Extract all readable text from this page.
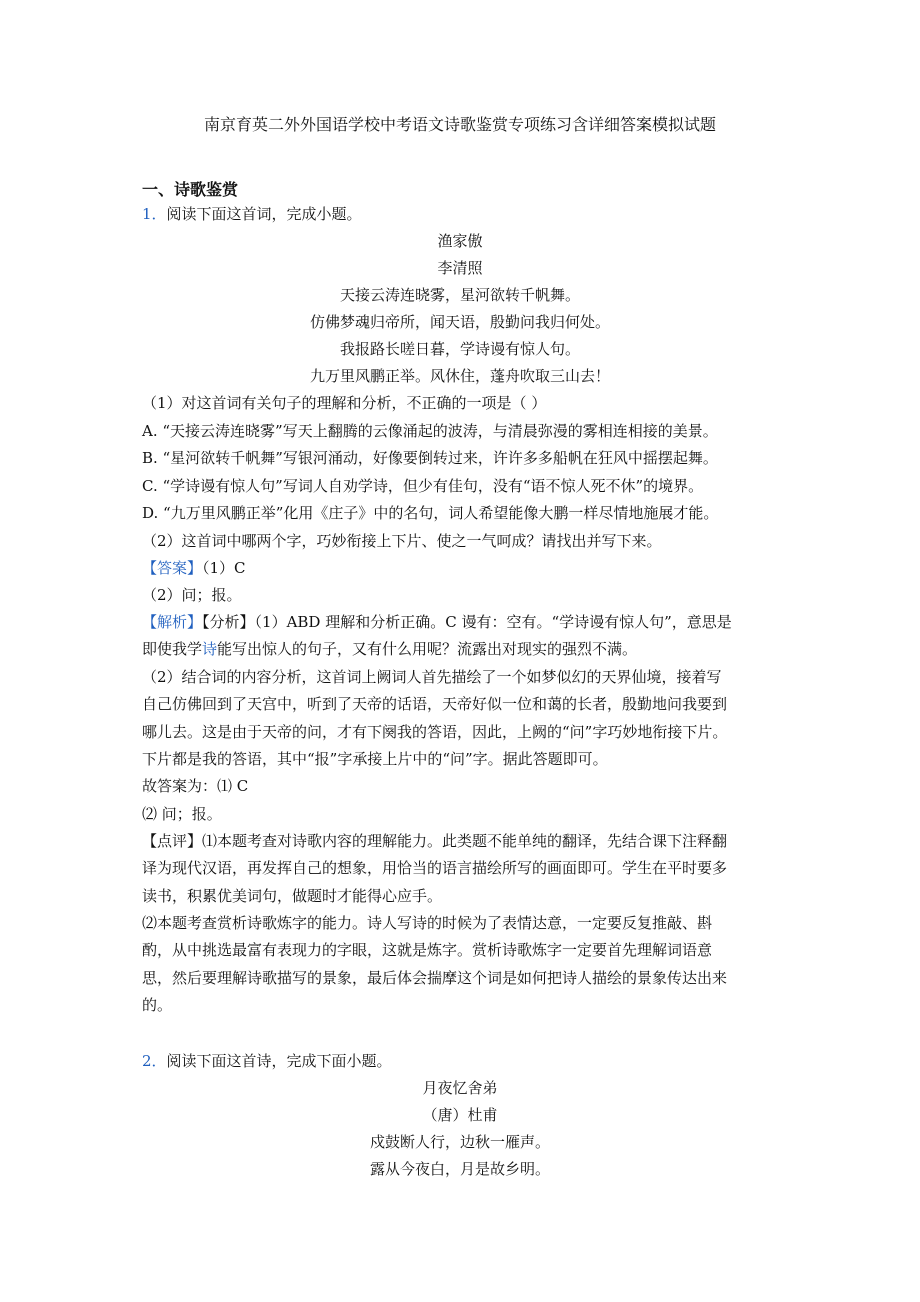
南京育英二外外国语学校中考语文诗歌鉴赏专项练习含详细答案模拟试题
一、诗歌鉴赏
1．阅读下面这首词，完成小题。
渔家傲
李清照
天接云涛连晓雾，星河欲转千帆舞。
仿佛梦魂归帝所，闻天语，殷勤问我归何处。
我报路长嗟日暮，学诗谩有惊人句。
九万里风鹏正举。风休住，蓬舟吹取三山去！
（1）对这首词有关句子的理解和分析，不正确的一项是（ ）
A. “天接云涛连晓雾”写天上翻腾的云像涌起的波涛，与清晨弥漫的雾相连相接的美景。
B. “星河欲转千帆舞”写银河涌动，好像要倒转过来，许许多多船帆在狂风中摇摆起舞。
C. “学诗谩有惊人句”写词人自劝学诗，但少有佳句，没有“语不惊人死不休”的境界。
D. “九万里风鹏正举”化用《庄子》中的名句，词人希望能像大鹏一样尽情地施展才能。
（2）这首词中哪两个字，巧妙衔接上下片、使之一气呵成？请找出并写下来。
【答案】（1）C
（2）问；报。
【解析】【分析】（1）ABD 理解和分析正确。C 谩有：空有。“学诗谩有惊人句”，意思是
即使我学诗能写出惊人的句子，又有什么用呢？流露出对现实的强烈不满。
（2）结合词的内容分析，这首词上阙词人首先描绘了一个如梦似幻的天界仙境，接着写
自己仿佛回到了天宫中，听到了天帝的话语，天帝好似一位和蔼的长者，殷勤地问我要到
哪儿去。这是由于天帝的问，才有下阕我的答语，因此，上阙的“问”字巧妙地衔接下片。
下片都是我的答语，其中“报”字承接上片中的“问”字。据此答题即可。
故答案为：⑴ C
⑵ 问；报。
【点评】⑴本题考查对诗歌内容的理解能力。此类题不能单纯的翻译，先结合课下注释翻
译为现代汉语，再发挥自己的想象，用恰当的语言描绘所写的画面即可。学生在平时要多
读书，积累优美词句，做题时才能得心应手。
⑵本题考查赏析诗歌炼字的能力。诗人写诗的时候为了表情达意，一定要反复推敲、斟
酌，从中挑选最富有表现力的字眼，这就是炼字。赏析诗歌炼字一定要首先理解词语意
思，然后要理解诗歌描写的景象，最后体会揣摩这个词是如何把诗人描绘的景象传达出来
的。
2．阅读下面这首诗，完成下面小题。
月夜忆舍弟
（唐）杜甫
戍鼓断人行，边秋一雁声。
露从今夜白，月是故乡明。
